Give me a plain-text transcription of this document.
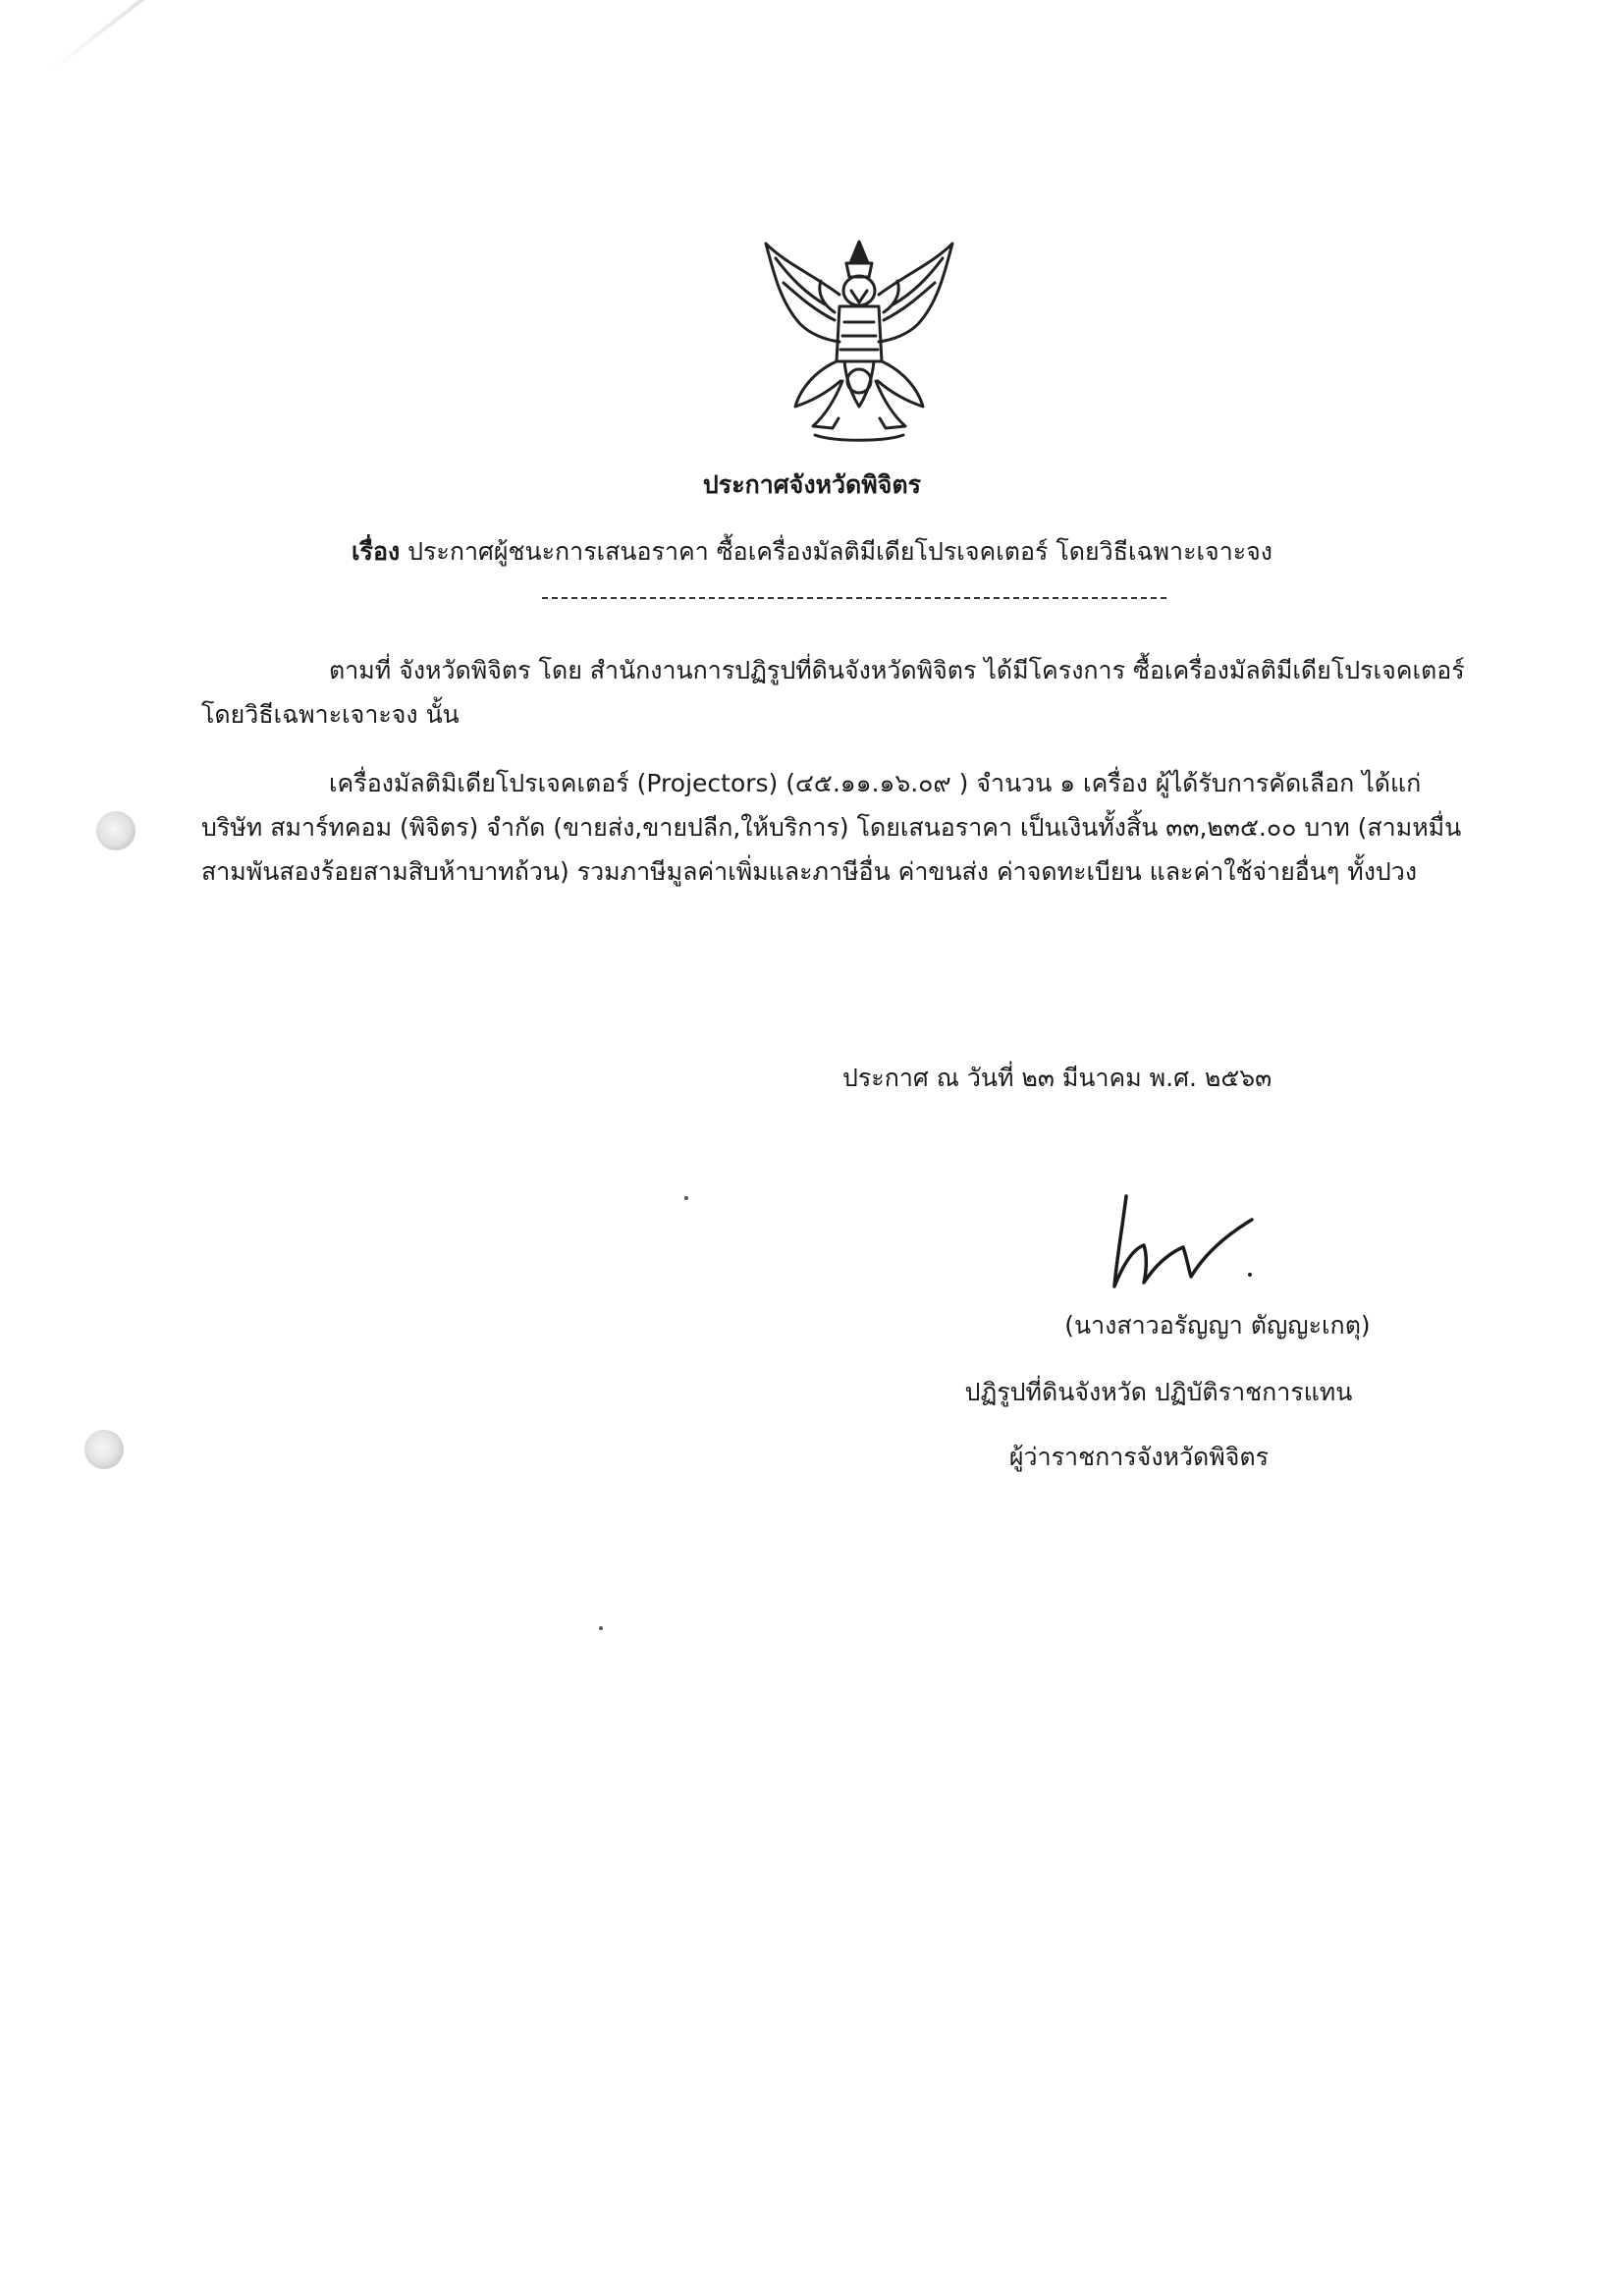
ประกาศจังหวัดพิจิตร
เรื่อง ประกาศผู้ชนะการเสนอราคา ซื้อเครื่องมัลติมีเดียโปรเจคเตอร์ โดยวิธีเฉพาะเจาะจง
ตามที่ จังหวัดพิจิตร โดย สำนักงานการปฏิรูปที่ดินจังหวัดพิจิตร ได้มีโครงการ ซื้อเครื่องมัลติมีเดียโปรเจคเตอร์ โดยวิธีเฉพาะเจาะจง นั้น
เครื่องมัลติมิเดียโปรเจคเตอร์ (Projectors) (๔๕.๑๑.๑๖.๐๙ ) จำนวน ๑ เครื่อง ผู้ได้รับการคัดเลือก ได้แก่ บริษัท สมาร์ทคอม (พิจิตร) จำกัด (ขายส่ง,ขายปลีก,ให้บริการ) โดยเสนอราคา เป็นเงินทั้งสิ้น ๓๓,๒๓๕.๐๐ บาท (สามหมื่นสามพันสองร้อยสามสิบห้าบาทถ้วน) รวมภาษีมูลค่าเพิ่มและภาษีอื่น ค่าขนส่ง ค่าจดทะเบียน และค่าใช้จ่ายอื่นๆ ทั้งปวง
ประกาศ ณ วันที่ ๒๓ มีนาคม พ.ศ. ๒๕๖๓
(นางสาวอรัญญา ตัญญะเกตุ)
ปฏิรูปที่ดินจังหวัด ปฏิบัติราชการแทน
ผู้ว่าราชการจังหวัดพิจิตร
